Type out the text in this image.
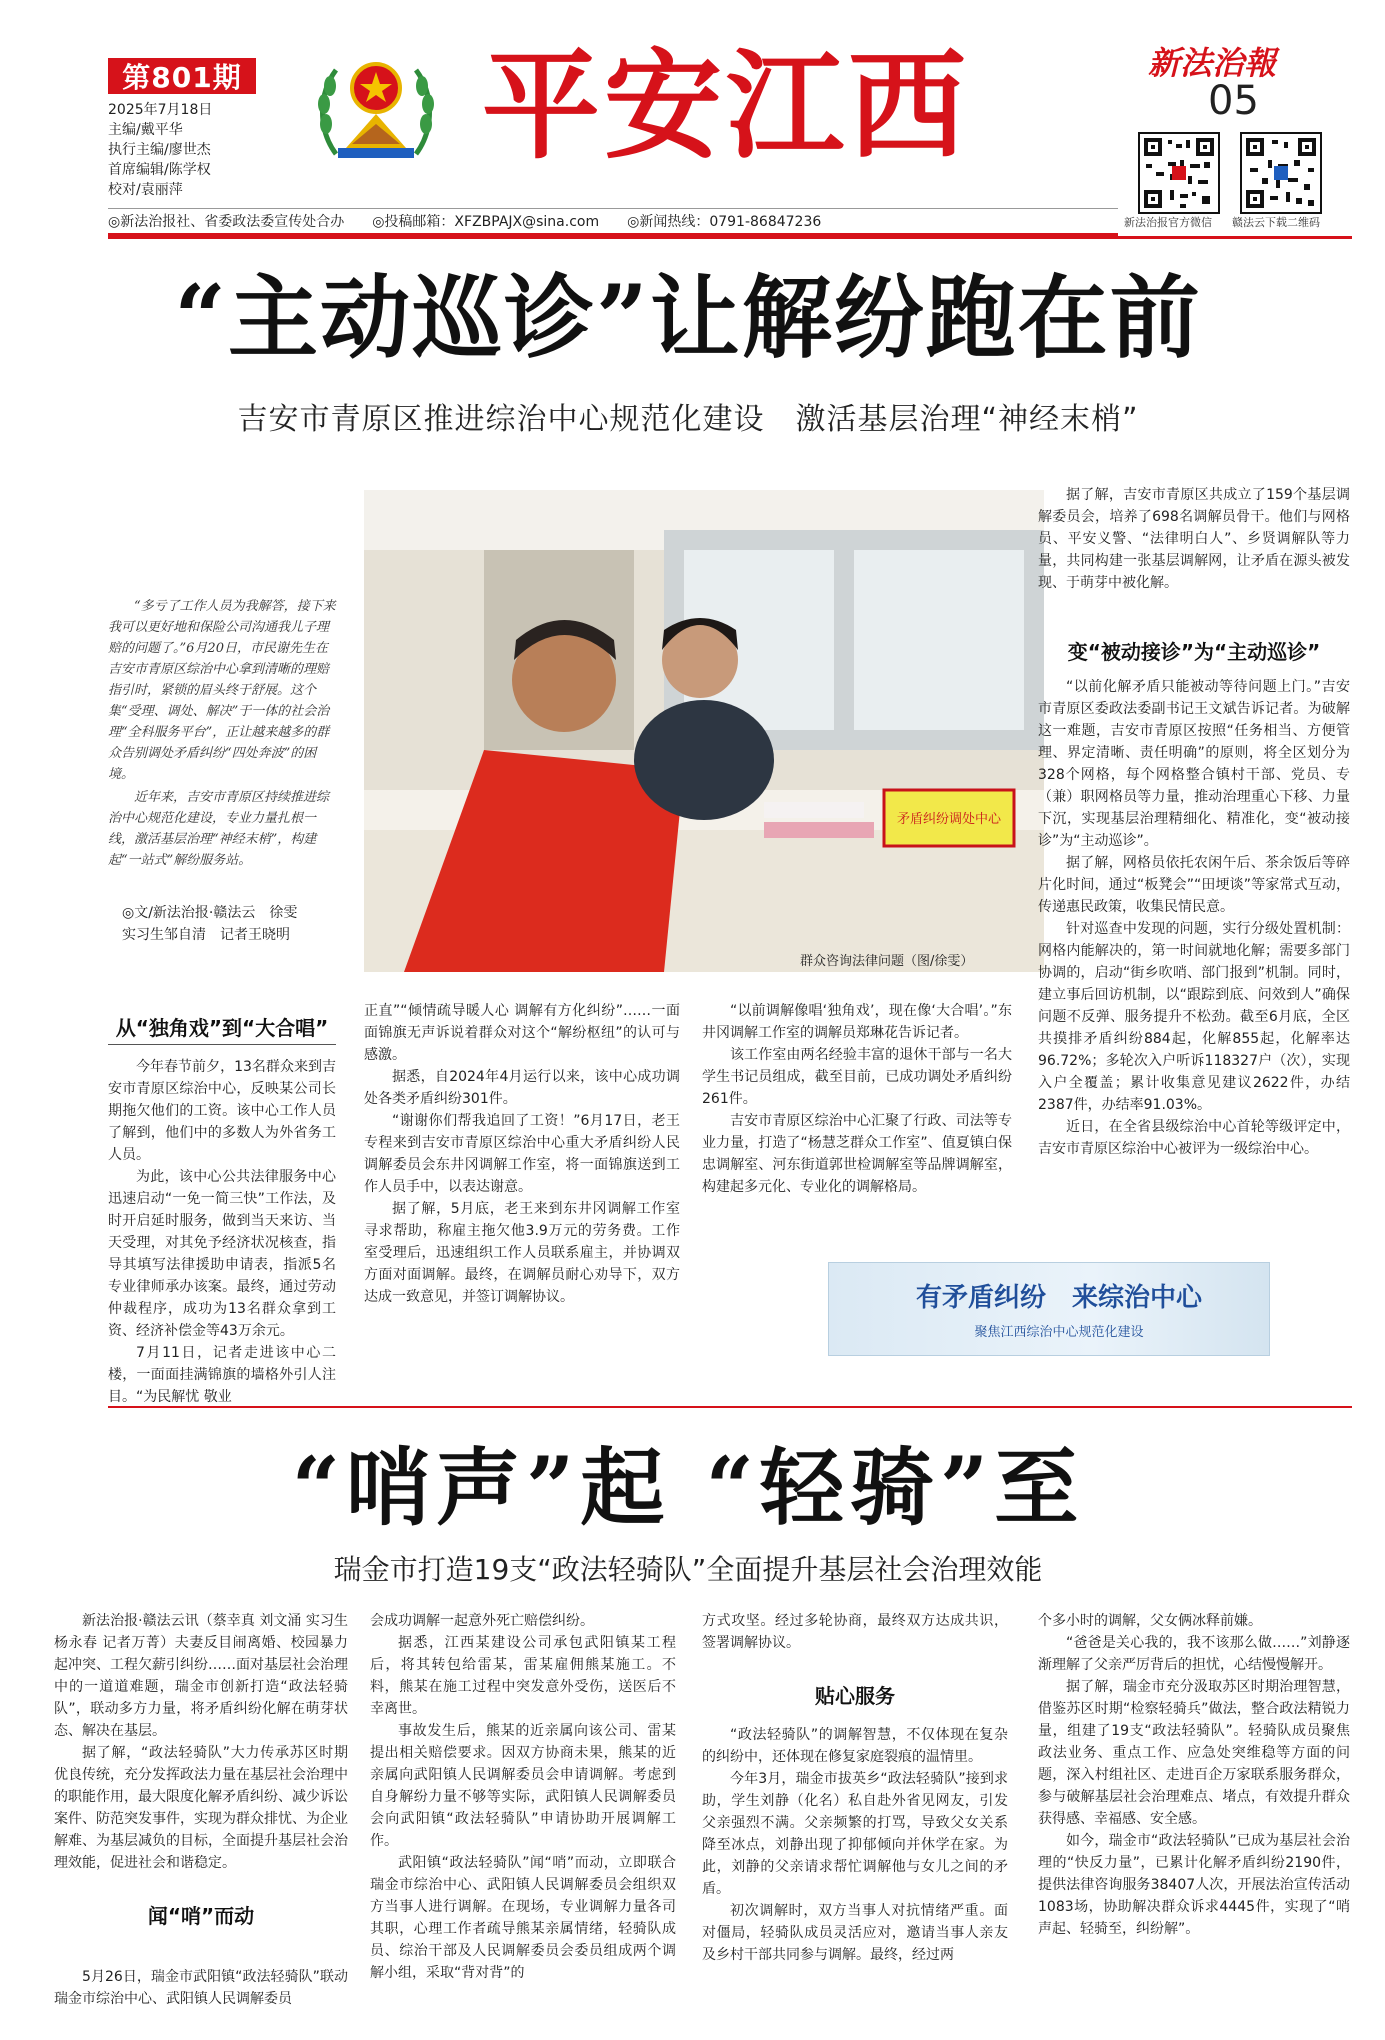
第801期
2025年7月18日
主编/戴平华
执行主编/廖世杰
首席编辑/陈学权
校对/袁丽萍
平安江西	新法治報
05
新法治报官方微信 赣法云下载二维码
◎新法治报社、省委政法委宣传处合办 ◎投稿邮箱：XFZBPAJX@sina.com ◎新闻热线：0791-86847236
“主动巡诊”让解纷跑在前
吉安市青原区推进综治中心规范化建设　激活基层治理“神经末梢”

“多亏了工作人员为我解答，接下来我可以更好地和保险公司沟通我儿子理赔的问题了。”6月20日，市民谢先生在吉安市青原区综治中心拿到清晰的理赔指引时，紧锁的眉头终于舒展。这个集“受理、调处、解决”于一体的社会治理“全科服务平台”，正让越来越多的群众告别调处矛盾纠纷“四处奔波”的困境。

近年来，吉安市青原区持续推进综治中心规范化建设，专业力量扎根一线，激活基层治理“神经末梢”，构建起“一站式”解纷服务站。

◎文/新法治报·赣法云　徐雯
实习生邹自清　记者王晓明
矛盾纠纷调处中心
群众咨询法律问题（图/徐雯）
从“独角戏”到“大合唱”

今年春节前夕，13名群众来到吉安市青原区综治中心，反映某公司长期拖欠他们的工资。该中心工作人员了解到，他们中的多数人为外省务工人员。

为此，该中心公共法律服务中心迅速启动“一免一简三快”工作法，及时开启延时服务，做到当天来访、当天受理，对其免予经济状况核查，指导其填写法律援助申请表，指派5名专业律师承办该案。最终，通过劳动仲裁程序，成功为13名群众拿到工资、经济补偿金等43万余元。

7月11日，记者走进该中心二楼，一面面挂满锦旗的墙格外引人注目。“为民解忧 敬业

正直”“倾情疏导暖人心 调解有方化纠纷”……一面面锦旗无声诉说着群众对这个“解纷枢纽”的认可与感激。

据悉，自2024年4月运行以来，该中心成功调处各类矛盾纠纷301件。

“谢谢你们帮我追回了工资！”6月17日，老王专程来到吉安市青原区综治中心重大矛盾纠纷人民调解委员会东井冈调解工作室，将一面锦旗送到工作人员手中，以表达谢意。

据了解，5月底，老王来到东井冈调解工作室寻求帮助，称雇主拖欠他3.9万元的劳务费。工作室受理后，迅速组织工作人员联系雇主，并协调双方面对面调解。最终，在调解员耐心劝导下，双方达成一致意见，并签订调解协议。

“以前调解像唱‘独角戏’，现在像‘大合唱’。”东井冈调解工作室的调解员郑琳花告诉记者。

该工作室由两名经验丰富的退休干部与一名大学生书记员组成，截至目前，已成功调处矛盾纠纷261件。

吉安市青原区综治中心汇聚了行政、司法等专业力量，打造了“杨慧芝群众工作室”、值夏镇白保忠调解室、河东街道郭世检调解室等品牌调解室，构建起多元化、专业化的调解格局。

据了解，吉安市青原区共成立了159个基层调解委员会，培养了698名调解员骨干。他们与网格员、平安义警、“法律明白人”、乡贤调解队等力量，共同构建一张基层调解网，让矛盾在源头被发现、于萌芽中被化解。

变“被动接诊”为“主动巡诊”

“以前化解矛盾只能被动等待问题上门。”吉安市青原区委政法委副书记王文斌告诉记者。为破解这一难题，吉安市青原区按照“任务相当、方便管理、界定清晰、责任明确”的原则，将全区划分为328个网格，每个网格整合镇村干部、党员、专（兼）职网格员等力量，推动治理重心下移、力量下沉，实现基层治理精细化、精准化，变“被动接诊”为“主动巡诊”。

据了解，网格员依托农闲午后、茶余饭后等碎片化时间，通过“板凳会”“田埂谈”等家常式互动，传递惠民政策，收集民情民意。

针对巡查中发现的问题，实行分级处置机制：网格内能解决的，第一时间就地化解；需要多部门协调的，启动“街乡吹哨、部门报到”机制。同时，建立事后回访机制，以“跟踪到底、问效到人”确保问题不反弹、服务提升不松劲。截至6月底，全区共摸排矛盾纠纷884起，化解855起，化解率达96.72%；多轮次入户听诉118327户（次），实现入户全覆盖；累计收集意见建议2622件，办结2387件，办结率91.03%。

近日，在全省县级综治中心首轮等级评定中，吉安市青原区综治中心被评为一级综治中心。

有矛盾纠纷　来综治中心
聚焦江西综治中心规范化建设
“哨声”起 “轻骑”至
瑞金市打造19支“政法轻骑队”全面提升基层社会治理效能

新法治报·赣法云讯（蔡幸真 刘文涌 实习生杨永春 记者万菁）夫妻反目闹离婚、校园暴力起冲突、工程欠薪引纠纷……面对基层社会治理中的一道道难题，瑞金市创新打造“政法轻骑队”，联动多方力量，将矛盾纠纷化解在萌芽状态、解决在基层。

据了解，“政法轻骑队”大力传承苏区时期优良传统，充分发挥政法力量在基层社会治理中的职能作用，最大限度化解矛盾纠纷、减少诉讼案件、防范突发事件，实现为群众排忧、为企业解难、为基层减负的目标，全面提升基层社会治理效能，促进社会和谐稳定。

闻“哨”而动

5月26日，瑞金市武阳镇“政法轻骑队”联动瑞金市综治中心、武阳镇人民调解委员

会成功调解一起意外死亡赔偿纠纷。

据悉，江西某建设公司承包武阳镇某工程后，将其转包给雷某，雷某雇佣熊某施工。不料，熊某在施工过程中突发意外受伤，送医后不幸离世。

事故发生后，熊某的近亲属向该公司、雷某提出相关赔偿要求。因双方协商未果，熊某的近亲属向武阳镇人民调解委员会申请调解。考虑到自身解纷力量不够等实际，武阳镇人民调解委员会向武阳镇“政法轻骑队”申请协助开展调解工作。

武阳镇“政法轻骑队”闻“哨”而动，立即联合瑞金市综治中心、武阳镇人民调解委员会组织双方当事人进行调解。在现场，专业调解力量各司其职，心理工作者疏导熊某亲属情绪，轻骑队成员、综治干部及人民调解委员会委员组成两个调解小组，采取“背对背”的

方式攻坚。经过多轮协商，最终双方达成共识，签署调解协议。

贴心服务

“政法轻骑队”的调解智慧，不仅体现在复杂的纠纷中，还体现在修复家庭裂痕的温情里。

今年3月，瑞金市拔英乡“政法轻骑队”接到求助，学生刘静（化名）私自赴外省见网友，引发父亲强烈不满。父亲频繁的打骂，导致父女关系降至冰点，刘静出现了抑郁倾向并休学在家。为此，刘静的父亲请求帮忙调解他与女儿之间的矛盾。

初次调解时，双方当事人对抗情绪严重。面对僵局，轻骑队成员灵活应对，邀请当事人亲友及乡村干部共同参与调解。最终，经过两

个多小时的调解，父女俩冰释前嫌。

“爸爸是关心我的，我不该那么做……”刘静逐渐理解了父亲严厉背后的担忧，心结慢慢解开。

据了解，瑞金市充分汲取苏区时期治理智慧，借鉴苏区时期“检察轻骑兵”做法，整合政法精锐力量，组建了19支“政法轻骑队”。轻骑队成员聚焦政法业务、重点工作、应急处突维稳等方面的问题，深入村组社区、走进百企万家联系服务群众，参与破解基层社会治理难点、堵点，有效提升群众获得感、幸福感、安全感。

如今，瑞金市“政法轻骑队”已成为基层社会治理的“快反力量”，已累计化解矛盾纠纷2190件，提供法律咨询服务38407人次，开展法治宣传活动1083场，协助解决群众诉求4445件，实现了“哨声起、轻骑至，纠纷解”。
